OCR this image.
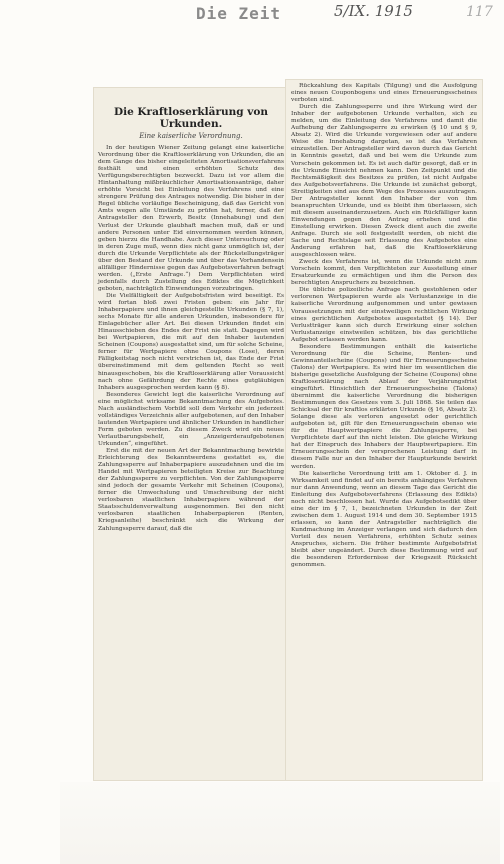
Die Zeit	5/IX. 1915	117
Die Kraftloserklärung von Urkunden.
Eine kaiserliche Verordnung.

In der heutigen Wiener Zeitung gelangt eine kaiserliche Verordnung über die Kraftloserklärung von Urkunden, die an dem Gange des bisher eingeleiteten Amortisationsverfahrens festhält und einen erhöhten Schutz des Verfügungsberechtigten bezweckt. Dazu ist vor allem die Hintanhaltung mißbräuchlicher Amortisationsanträge, daher erhöhte Vorsicht bei Einleitung des Verfahrens und eine strengere Prüfung des Antrages notwendig. Die bisher in der Regel übliche vorläufige Bescheinigung, daß das Gericht von Amts wegen alle Umstände zu prüfen hat, ferner, daß der Antragsteller den Erwerb, Besitz (Innehabung) und den Verlust der Urkunde glaubhaft machen muß, daß er und andere Personen unter Eid einvernommen werden können, geben hierzu die Handhabe. Auch dieser Untersuchung oder in deren Zuge muß, wenn dies nicht ganz unmöglich ist, der durch die Urkunde Verpflichtete als der Rückstellungsträger über den Bestand der Urkunde und über das Vorhandensein allfälliger Hindernisse gegen das Aufgebotsverfahren befragt werden. („Erste Anfrage.“) Dem Verpflichteten wird jedenfalls durch Zustellung des Ediktes die Möglichkeit geboten, nachträglich Einwendungen vorzubringen.

Die Vielfältigkeit der Aufgebotsfristen wird beseitigt. Es wird fortan bloß zwei Fristen geben: ein Jahr für Inhaberpapiere und ihnen gleichgestellte Urkunden (§ 7, 1), sechs Monate für alle anderen Urkunden, insbesondere für Einlagebücher aller Art. Bei diesen Urkunden findet ein Hinausschieben des Endes der Frist nie statt. Dagegen wird bei Wertpapieren, die mit auf den Inhaber lautenden Scheinen (Coupons) ausgestattet sind, um für solche Scheine, ferner für Wertpapiere ohne Coupons (Lose), deren Fälligkeitstag noch nicht verstrichen ist, das Ende der Frist übereinstimmend mit dem geltenden Recht so weit hinausgeschoben, bis die Kraftloserklärung aller Voraussicht nach ohne Gefährdung der Rechte eines gutgläubigen Inhabers ausgesprochen werden kann (§ 8).

Besonderes Gewicht legt die kaiserliche Verordnung auf eine möglichst wirksame Bekanntmachung des Aufgebotes. Nach ausländischem Vorbild soll dem Verkehr ein jederzeit vollständiges Verzeichnis aller aufgebotenen, auf den Inhaber lautenden Wertpapiere und ähnlicher Urkunden in handlicher Form geboten werden. Zu diesem Zweck wird ein neues Verlautbarungsbehelf, ein „Anzeigerderaufgebotenen Urkunden“, eingeführt.

Erst die mit der neuen Art der Bekanntmachung bewirkte Erleichterung des Bekanntwerdens gestattet es, die Zahlungssperre auf Inhaberpapiere auszudehnen und die im Handel mit Wertpapieren beteiligten Kreise zur Beachtung der Zahlungssperre zu verpflichten. Von der Zahlungssperre sind jedoch der gesamte Verkehr mit Scheinen (Coupons), ferner die Umwechslung und Umschreibung der nicht verlosbaren staatlichen Inhaberpapiere während der Staatsschuldenverwaltung ausgenommen. Bei den nicht verlosbaren staatlichen Inhaberpapieren (Renten, Kriegsanleihe) beschränkt sich die Wirkung der Zahlungssperre darauf, daß die

Rückzahlung des Kapitals (Tilgung) und die Ausfolgung eines neuen Couponbogens und eines Erneuerungsscheines verboten sind.

Durch die Zahlungssperre und ihre Wirkung wird der Inhaber der aufgebotenen Urkunde verhalten, sich zu melden, um die Einleitung des Verfahrens und damit die Aufhebung der Zahlungssperre zu erwirken (§ 10 und § 9, Absatz 2). Wird die Urkunde vorgewiesen oder auf andere Weise die Innehabung dargetan, so ist das Verfahren einzustellen. Der Antragsteller wird davon durch das Gericht in Kenntnis gesetzt, daß und bei wem die Urkunde zum Vorschein gekommen ist. Es ist auch dafür gesorgt, daß er in die Urkunde Einsicht nehmen kann. Den Zeitpunkt und die Rechtsmäßigkeit des Besitzes zu prüfen, ist nicht Aufgabe des Aufgebotsverfahrens. Die Urkunde ist zunächst geborgt, Streitigkeiten sind aus dem Wege des Prozesses auszutragen. Der Antragsteller kennt den Inhaber der von ihm beanspruchten Urkunde, und es bleibt ihm überlassen, sich mit diesem auseinanderzusetzen. Auch ein Rückfälliger kann Einwendungen gegen den Antrag erheben und die Einstellung erwirken. Diesen Zweck dient auch die zweite Anfrage. Durch sie soll festgestellt werden, ob nicht die Sache und Rechtslage seit Erlassung des Aufgebotes eine Änderung erfahren hat, daß die Kraftloserklärung ausgeschlossen wäre.

Zweck des Verfahrens ist, wenn die Urkunde nicht zum Vorschein kommt, den Verpflichteten zur Ausstellung einer Ersatzurkunde zu ermächtigen und ihm die Person des berechtigten Anspruchers zu bezeichnen.

Die übliche polizeiliche Anfrage nach gestohlenen oder verlorenen Wertpapieren wurde als Verlustanzeige in die kaiserliche Verordnung aufgenommen und unter gewissen Voraussetzungen mit der einstweiligen rechtlichen Wirkung eines gerichtlichen Aufgebotes ausgestattet (§ 14). Der Verlustträger kann sich durch Erwirkung einer solchen Verlustanzeige einstweilen schützen, bis das gerichtliche Aufgebot erlassen werden kann.

Besondere Bestimmungen enthält die kaiserliche Verordnung für die Scheine, Renten- und Gewinnanteilscheine (Coupons) und für Erneuerungsscheine (Talons) der Wertpapiere. Es wird hier im wesentlichen die bisherige gesetzliche Ausfolgung der Scheine (Coupons) ohne Kraftloserklärung nach Ablauf der Verjährungsfrist eingeführt. Hinsichtlich der Erneuerungsscheine (Talons) übernimmt die kaiserliche Verordnung die bisherigen Bestimmungen des Gesetzes vom 3. Juli 1868. Sie teilen das Schicksal der für kraftlos erklärten Urkunde (§ 16, Absatz 2). Solange diese als verloren angesetzt oder gerichtlich aufgeboten ist, gilt für den Erneuerungsschein ebenso wie für die Hauptwertpapiere die Zahlungssperre, bei Verpflichtete darf auf ihn nicht leisten. Die gleiche Wirkung hat der Einspruch des Inhabers der Hauptwertpapiere. Ein Erneuerungsschein der versprochenen Leistung darf in diesem Falle nur an den Inhaber der Haupturkunde bewirkt werden.

Die kaiserliche Verordnung tritt am 1. Oktober d. J. in Wirksamkeit und findet auf ein bereits anhängiges Verfahren nur dann Anwendung, wenn an diesem Tage das Gericht die Einleitung des Aufgebotsverfahrens (Erlassung des Edikts) noch nicht beschlossen hat. Wurde das Aufgebotsedikt über eine der im § 7, 1, bezeichneten Urkunden in der Zeit zwischen dem 1. August 1914 und dem 30. September 1915 erlassen, so kann der Antragsteller nachträglich die Kundmachung im Anzeiger verlangen und sich dadurch den Vorteil des neuen Verfahrens, erhöhten Schutz seines Anspruches, sichern. Die früher bestimmte Aufgebotsfrist bleibt aber ungeändert. Durch diese Bestimmung wird auf die besonderen Erfordernisse der Kriegszeit Rücksicht genommen.
